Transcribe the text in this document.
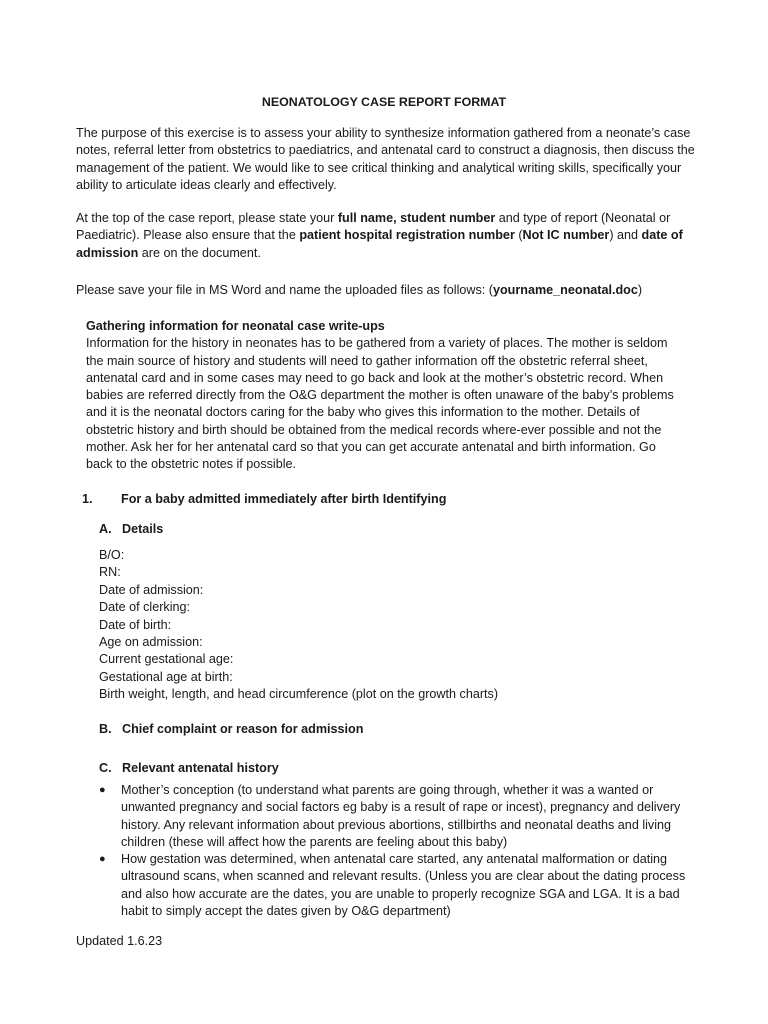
NEONATOLOGY CASE REPORT FORMAT

The purpose of this exercise is to assess your ability to synthesize information gathered from a neonate’s case notes, referral letter from obstetrics to paediatrics, and antenatal card to construct a diagnosis, then discuss the management of the patient. We would like to see critical thinking and analytical writing skills, specifically your ability to articulate ideas clearly and effectively.

At the top of the case report, please state your full name, student number and type of report (Neonatal or Paediatric). Please also ensure that the patient hospital registration number (Not IC number) and date of admission are on the document.

Please save your file in MS Word and name the uploaded files as follows: (yourname_neonatal.doc)

Gathering information for neonatal case write-ups

Information for the history in neonates has to be gathered from a variety of places. The mother is seldom the main source of history and students will need to gather information off the obstetric referral sheet, antenatal card and in some cases may need to go back and look at the mother’s obstetric record. When babies are referred directly from the O&G department the mother is often unaware of the baby’s problems and it is the neonatal doctors caring for the baby who gives this information to the mother. Details of obstetric history and birth should be obtained from the medical records where-ever possible and not the mother. Ask her for her antenatal card so that you can get accurate antenatal and birth information. Go back to the obstetric notes if possible.

1. For a baby admitted immediately after birth Identifying
A. Details
B/O:
RN:
Date of admission:
Date of clerking:
Date of birth:
Age on admission:
Current gestational age:
Gestational age at birth:
Birth weight, length, and head circumference (plot on the growth charts)
B. Chief complaint or reason for admission
C. Relevant antenatal history
● Mother’s conception (to understand what parents are going through, whether it was a wanted or unwanted pregnancy and social factors eg baby is a result of rape or incest), pregnancy and delivery history. Any relevant information about previous abortions, stillbirths and neonatal deaths and living children (these will affect how the parents are feeling about this baby)
● How gestation was determined, when antenatal care started, any antenatal malformation or dating ultrasound scans, when scanned and relevant results. (Unless you are clear about the dating process and also how accurate are the dates, you are unable to properly recognize SGA and LGA. It is a bad habit to simply accept the dates given by O&G department)
Updated 1.6.23
